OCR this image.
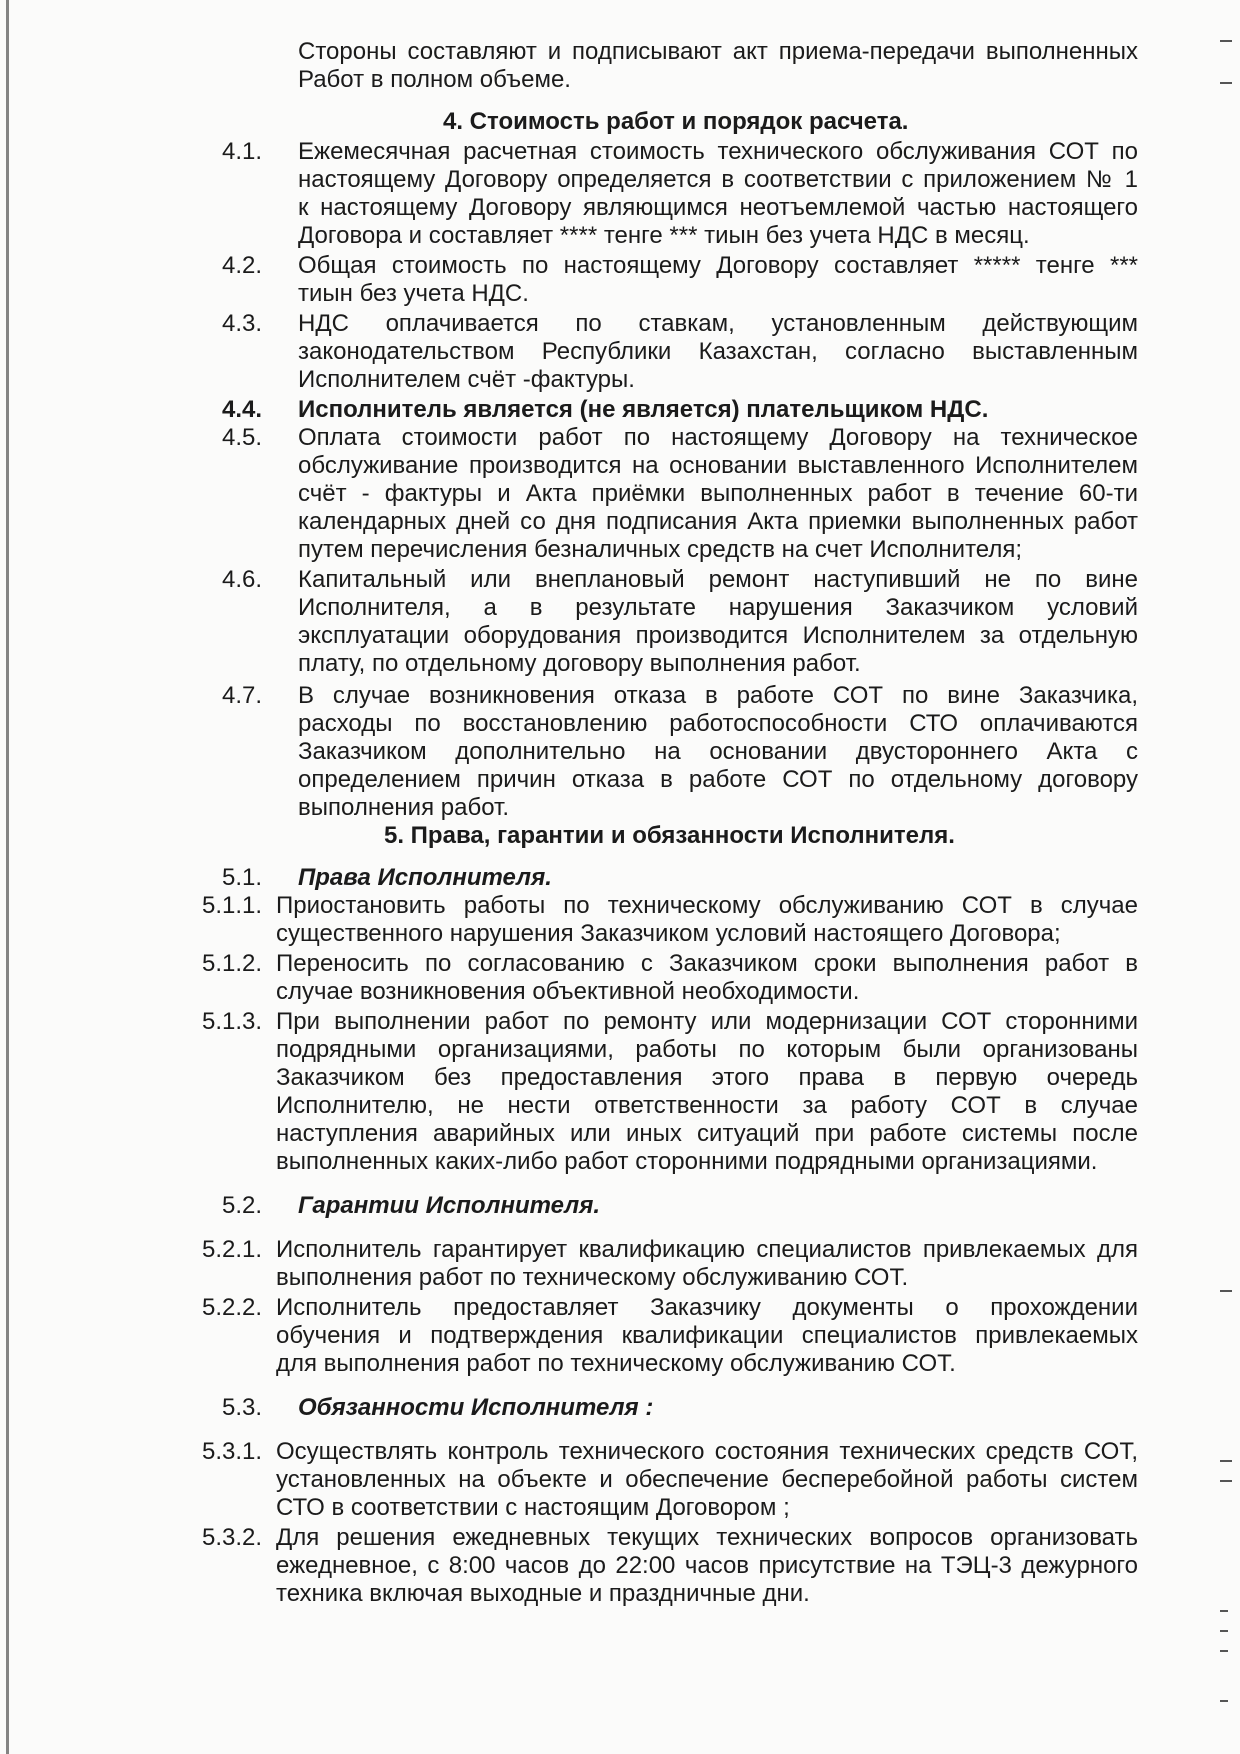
Стороны составляют и подписывают акт приема-передачи выполненных
Работ в полном объеме.
4. Стоимость работ и порядок расчета.
4.1. Ежемесячная расчетная стоимость технического обслуживания СОТ по
настоящему Договору определяется в соответствии с приложением № 1
к настоящему Договору являющимся неотъемлемой частью настоящего
Договора и составляет **** тенге *** тиын без учета НДС в месяц.
4.2. Общая стоимость по настоящему Договору составляет ***** тенге ***
тиын без учета НДС.
4.3. НДС оплачивается по ставкам, установленным действующим
законодательством Республики Казахстан, согласно выставленным
Исполнителем счёт -фактуры.
4.4. Исполнитель является (не является) плательщиком НДС.
4.5. Оплата стоимости работ по настоящему Договору на техническое
обслуживание производится на основании выставленного Исполнителем
счёт - фактуры и Акта приёмки выполненных работ в течение 60-ти
календарных дней со дня подписания Акта приемки выполненных работ
путем перечисления безналичных средств на счет Исполнителя;
4.6. Капитальный или внеплановый ремонт наступивший не по вине
Исполнителя, а в результате нарушения Заказчиком условий
эксплуатации оборудования производится Исполнителем за отдельную
плату, по отдельному договору выполнения работ.
4.7. В случае возникновения отказа в работе СОТ по вине Заказчика,
расходы по восстановлению работоспособности СТО оплачиваются
Заказчиком дополнительно на основании двустороннего Акта с
определением причин отказа в работе СОТ по отдельному договору
выполнения работ.
5. Права, гарантии и обязанности Исполнителя.
5.1. Права Исполнителя.
5.1.1. Приостановить работы по техническому обслуживанию СОТ в случае
существенного нарушения Заказчиком условий настоящего Договора;
5.1.2. Переносить по согласованию с Заказчиком сроки выполнения работ в
случае возникновения объективной необходимости.
5.1.3. При выполнении работ по ремонту или модернизации СОТ сторонними
подрядными организациями, работы по которым были организованы
Заказчиком без предоставления этого права в первую очередь
Исполнителю, не нести ответственности за работу СОТ в случае
наступления аварийных или иных ситуаций при работе системы после
выполненных каких-либо работ сторонними подрядными организациями.
5.2. Гарантии Исполнителя.
5.2.1. Исполнитель гарантирует квалификацию специалистов привлекаемых для
выполнения работ по техническому обслуживанию СОТ.
5.2.2. Исполнитель предоставляет Заказчику документы о прохождении
обучения и подтверждения квалификации специалистов привлекаемых
для выполнения работ по техническому обслуживанию СОТ.
5.3. Обязанности Исполнителя :
5.3.1. Осуществлять контроль технического состояния технических средств СОТ,
установленных на объекте и обеспечение бесперебойной работы систем
СТО в соответствии с настоящим Договором ;
5.3.2. Для решения ежедневных текущих технических вопросов организовать
ежедневное, с 8:00 часов до 22:00 часов присутствие на ТЭЦ-3 дежурного
техника включая выходные и праздничные дни.
